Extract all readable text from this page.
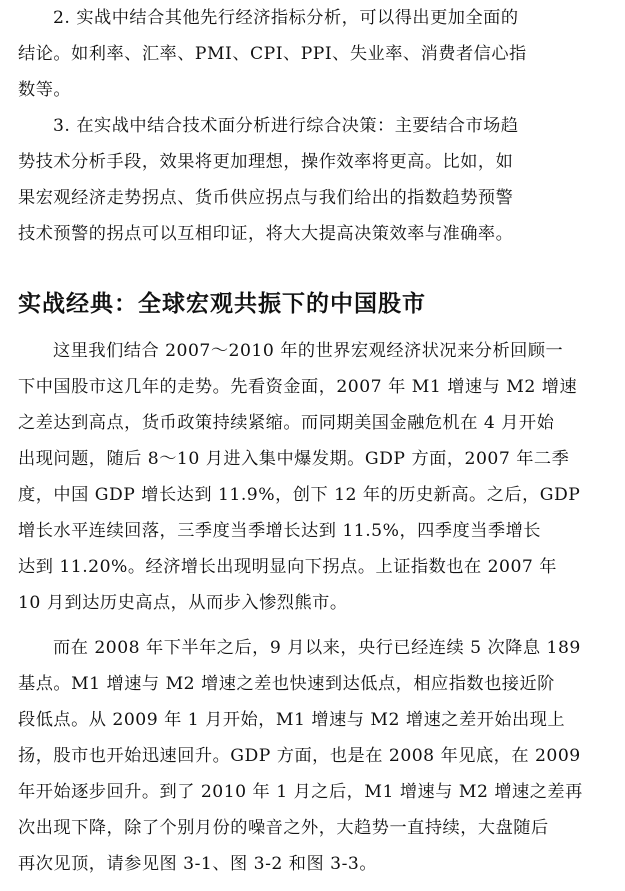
2. 实战中结合其他先行经济指标分析，可以得出更加全面的
结论。如利率、汇率、PMI、CPI、PPI、失业率、消费者信心指
数等。
3. 在实战中结合技术面分析进行综合决策：主要结合市场趋
势技术分析手段，效果将更加理想，操作效率将更高。比如，如
果宏观经济走势拐点、货币供应拐点与我们给出的指数趋势预警
技术预警的拐点可以互相印证，将大大提高决策效率与准确率。
实战经典：全球宏观共振下的中国股市
这里我们结合 2007～2010 年的世界宏观经济状况来分析回顾一
下中国股市这几年的走势。先看资金面，2007 年 M1 增速与 M2 增速
之差达到高点，货币政策持续紧缩。而同期美国金融危机在 4 月开始
出现问题，随后 8～10 月进入集中爆发期。GDP 方面，2007 年二季
度，中国 GDP 增长达到 11.9%，创下 12 年的历史新高。之后，GDP
增长水平连续回落，三季度当季增长达到 11.5%，四季度当季增长
达到 11.20%。经济增长出现明显向下拐点。上证指数也在 2007 年
10 月到达历史高点，从而步入惨烈熊市。
而在 2008 年下半年之后，9 月以来，央行已经连续 5 次降息 189
基点。M1 增速与 M2 增速之差也快速到达低点，相应指数也接近阶
段低点。从 2009 年 1 月开始，M1 增速与 M2 增速之差开始出现上
扬，股市也开始迅速回升。GDP 方面，也是在 2008 年见底，在 2009
年开始逐步回升。到了 2010 年 1 月之后，M1 增速与 M2 增速之差再
次出现下降，除了个别月份的噪音之外，大趋势一直持续，大盘随后
再次见顶，请参见图 3-1、图 3-2 和图 3-3。
